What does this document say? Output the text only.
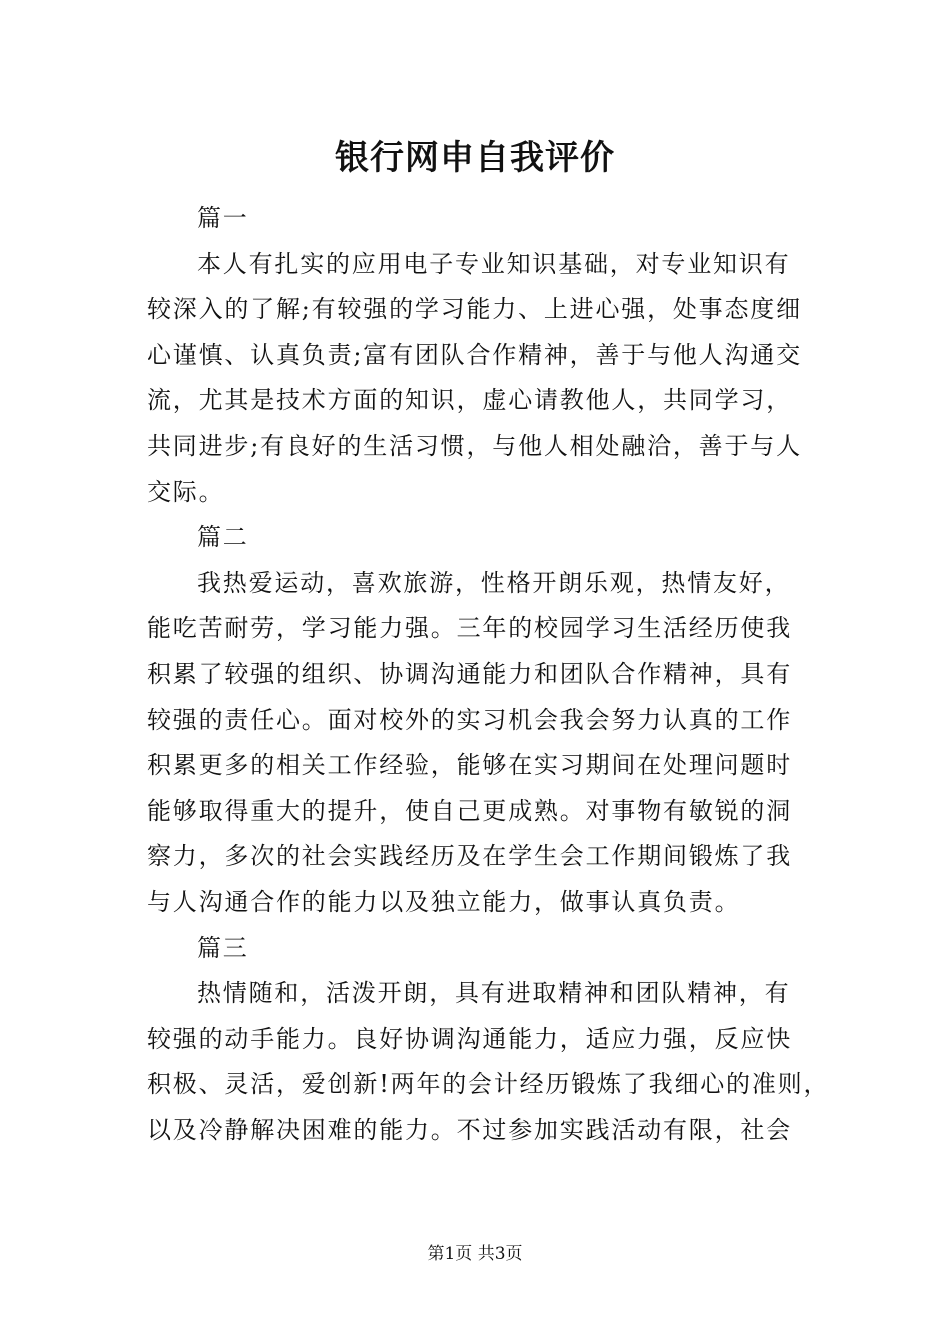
银行网申自我评价
篇一
本人有扎实的应用电子专业知识基础，对专业知识有
较深入的了解;有较强的学习能力、上进心强，处事态度细
心谨慎、认真负责;富有团队合作精神，善于与他人沟通交
流，尤其是技术方面的知识，虚心请教他人，共同学习，
共同进步;有良好的生活习惯，与他人相处融洽，善于与人
交际。
篇二
我热爱运动，喜欢旅游，性格开朗乐观，热情友好，
能吃苦耐劳，学习能力强。三年的校园学习生活经历使我
积累了较强的组织、协调沟通能力和团队合作精神，具有
较强的责任心。面对校外的实习机会我会努力认真的工作
积累更多的相关工作经验，能够在实习期间在处理问题时
能够取得重大的提升，使自己更成熟。对事物有敏锐的洞
察力，多次的社会实践经历及在学生会工作期间锻炼了我
与人沟通合作的能力以及独立能力，做事认真负责。
篇三
热情随和，活泼开朗，具有进取精神和团队精神，有
较强的动手能力。良好协调沟通能力，适应力强，反应快
积极、灵活，爱创新!两年的会计经历锻炼了我细心的准则，
以及冷静解决困难的能力。不过参加实践活动有限，社会
第1页 共3页
